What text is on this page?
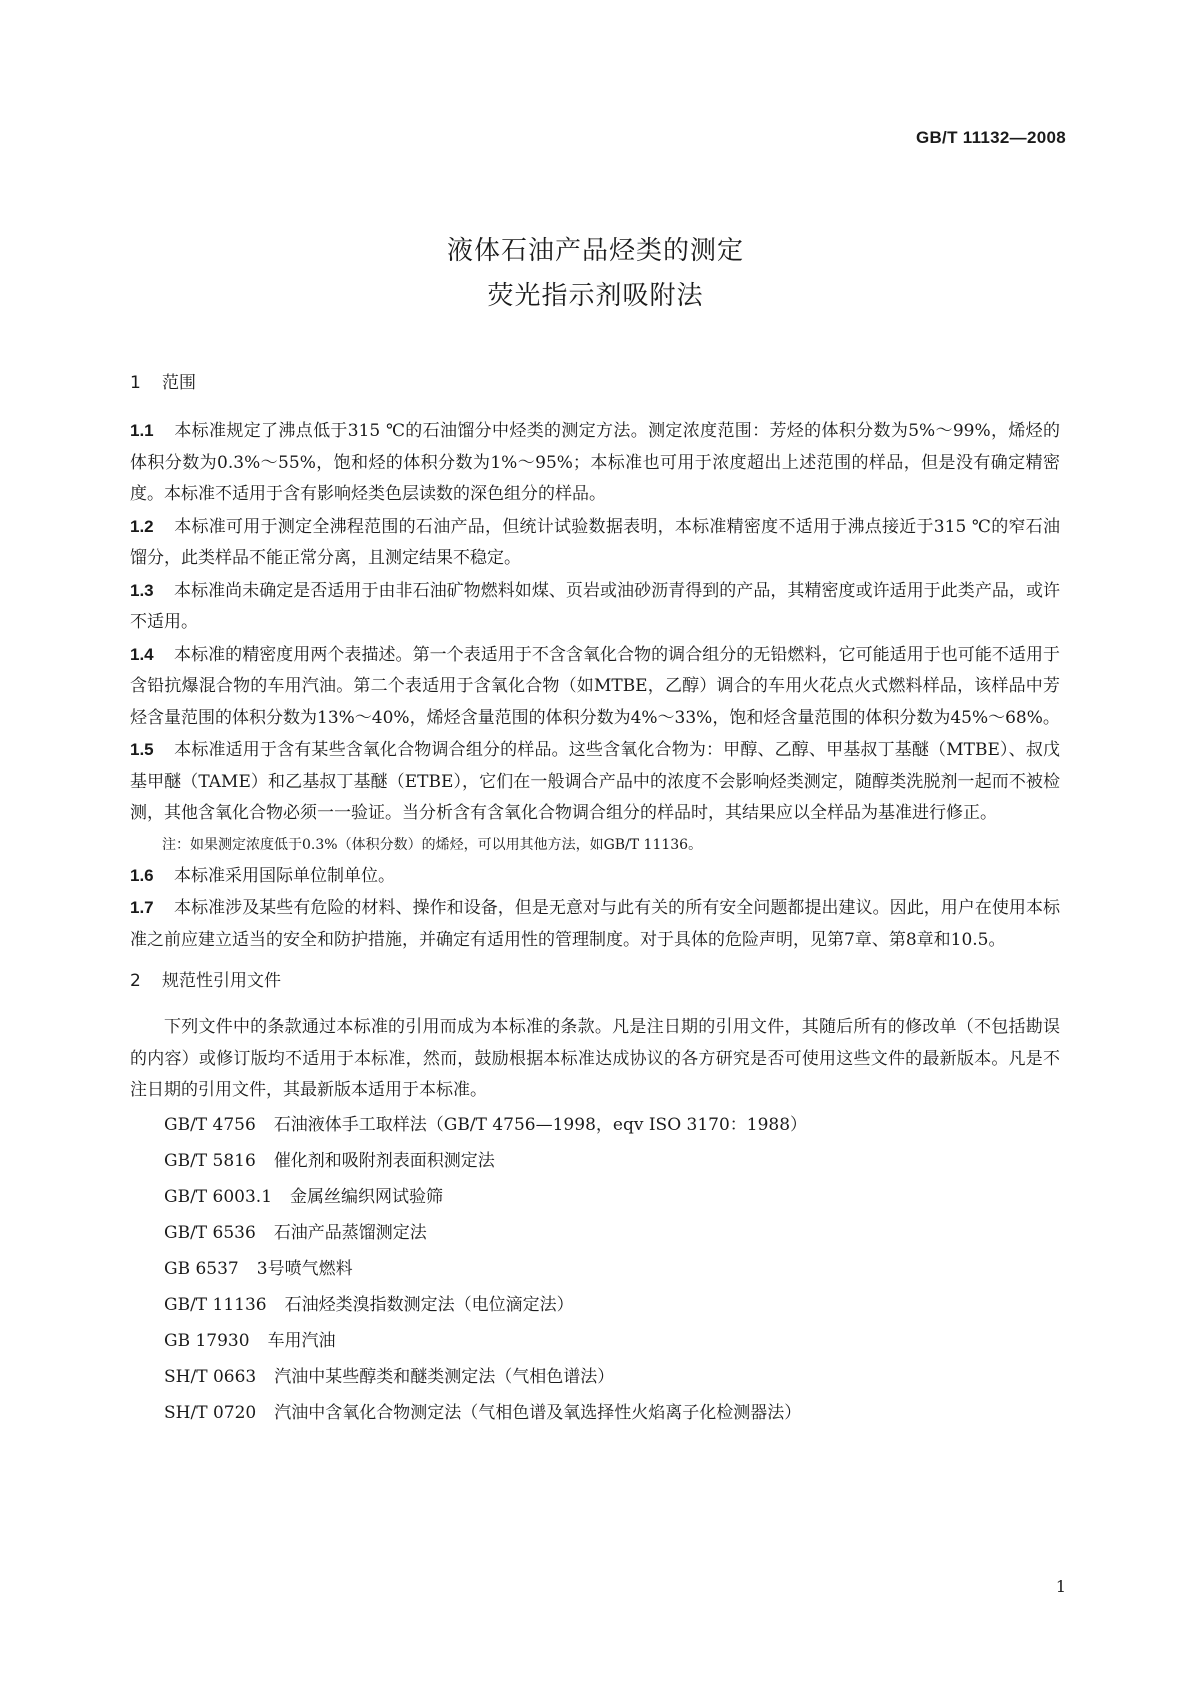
GB/T 11132—2008
液体石油产品烃类的测定
荧光指示剂吸附法
1 范围

1.1 本标准规定了沸点低于315 ℃的石油馏分中烃类的测定方法。测定浓度范围：芳烃的体积分数为5%～99%，烯烃的体积分数为0.3%～55%，饱和烃的体积分数为1%～95%；本标准也可用于浓度超出上述范围的样品，但是没有确定精密度。本标准不适用于含有影响烃类色层读数的深色组分的样品。

1.2 本标准可用于测定全沸程范围的石油产品，但统计试验数据表明，本标准精密度不适用于沸点接近于315 ℃的窄石油馏分，此类样品不能正常分离，且测定结果不稳定。

1.3 本标准尚未确定是否适用于由非石油矿物燃料如煤、页岩或油砂沥青得到的产品，其精密度或许适用于此类产品，或许不适用。

1.4 本标准的精密度用两个表描述。第一个表适用于不含含氧化合物的调合组分的无铅燃料，它可能适用于也可能不适用于含铅抗爆混合物的车用汽油。第二个表适用于含氧化合物（如MTBE，乙醇）调合的车用火花点火式燃料样品，该样品中芳烃含量范围的体积分数为13%～40%，烯烃含量范围的体积分数为4%～33%，饱和烃含量范围的体积分数为45%～68%。

1.5 本标准适用于含有某些含氧化合物调合组分的样品。这些含氧化合物为：甲醇、乙醇、甲基叔丁基醚（MTBE）、叔戊基甲醚（TAME）和乙基叔丁基醚（ETBE），它们在一般调合产品中的浓度不会影响烃类测定，随醇类洗脱剂一起而不被检测，其他含氧化合物必须一一验证。当分析含有含氧化合物调合组分的样品时，其结果应以全样品为基准进行修正。

注：如果测定浓度低于0.3%（体积分数）的烯烃，可以用其他方法，如GB/T 11136。

1.6 本标准采用国际单位制单位。

1.7 本标准涉及某些有危险的材料、操作和设备，但是无意对与此有关的所有安全问题都提出建议。因此，用户在使用本标准之前应建立适当的安全和防护措施，并确定有适用性的管理制度。对于具体的危险声明，见第7章、第8章和10.5。

2 规范性引用文件

下列文件中的条款通过本标准的引用而成为本标准的条款。凡是注日期的引用文件，其随后所有的修改单（不包括勘误的内容）或修订版均不适用于本标准，然而，鼓励根据本标准达成协议的各方研究是否可使用这些文件的最新版本。凡是不注日期的引用文件，其最新版本适用于本标准。

GB/T 4756 石油液体手工取样法（GB/T 4756—1998，eqv ISO 3170：1988）
GB/T 5816 催化剂和吸附剂表面积测定法
GB/T 6003.1 金属丝编织网试验筛
GB/T 6536 石油产品蒸馏测定法
GB 6537 3号喷气燃料
GB/T 11136 石油烃类溴指数测定法（电位滴定法）
GB 17930 车用汽油
SH/T 0663 汽油中某些醇类和醚类测定法（气相色谱法）
SH/T 0720 汽油中含氧化合物测定法（气相色谱及氧选择性火焰离子化检测器法）
1
